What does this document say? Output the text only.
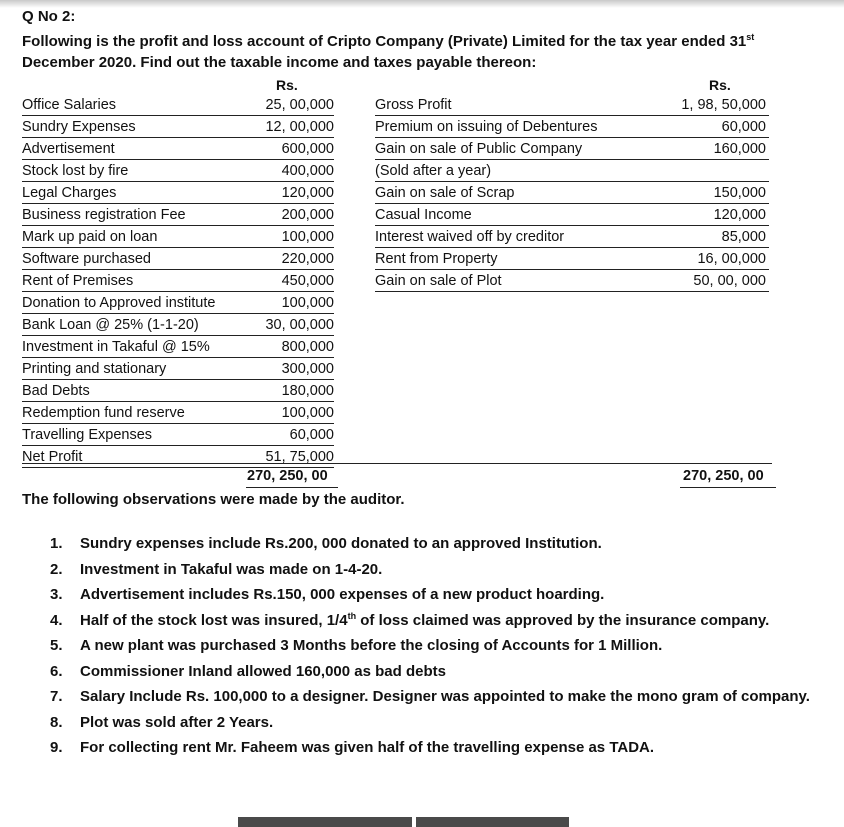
Q No 2:
Following is the profit and loss account of Cripto Company (Private) Limited for the tax year ended 31st December 2020. Find out the taxable income and taxes payable thereon:
Rs.	Rs.
Office Salaries	25, 00,000
Sundry Expenses	12, 00,000
Advertisement	600,000
Stock lost by fire	400,000
Legal Charges	120,000
Business registration Fee	200,000
Mark up paid on loan	100,000
Software purchased	220,000
Rent of Premises	450,000
Donation to Approved institute	100,000
Bank Loan @ 25% (1-1-20)	30, 00,000
Investment in Takaful @ 15%	800,000
Printing and stationary	300,000
Bad Debts	180,000
Redemption fund reserve	100,000
Travelling Expenses	60,000
Net Profit	51, 75,000
Gross Profit	1, 98, 50,000
Premium on issuing of Debentures	60,000
Gain on sale of Public Company	160,000
(Sold after a year)
Gain on sale of Scrap	150,000
Casual Income	120,000
Interest waived off by creditor	85,000
Rent from Property	16, 00,000
Gain on sale of Plot	50, 00, 000
270, 250, 00	270, 250, 00
The following observations were made by the auditor.
1. Sundry expenses include Rs.200, 000 donated to an approved Institution.
2. Investment in Takaful was made on 1-4-20.
3. Advertisement includes Rs.150, 000 expenses of a new product hoarding.
4. Half of the stock lost was insured, 1/4th of loss claimed was approved by the insurance company.
5. A new plant was purchased 3 Months before the closing of Accounts for 1 Million.
6. Commissioner Inland allowed 160,000 as bad debts
7. Salary Include Rs. 100,000 to a designer. Designer was appointed to make the mono gram of company.
8. Plot was sold after 2 Years.
9. For collecting rent Mr. Faheem was given half of the travelling expense as TADA.
